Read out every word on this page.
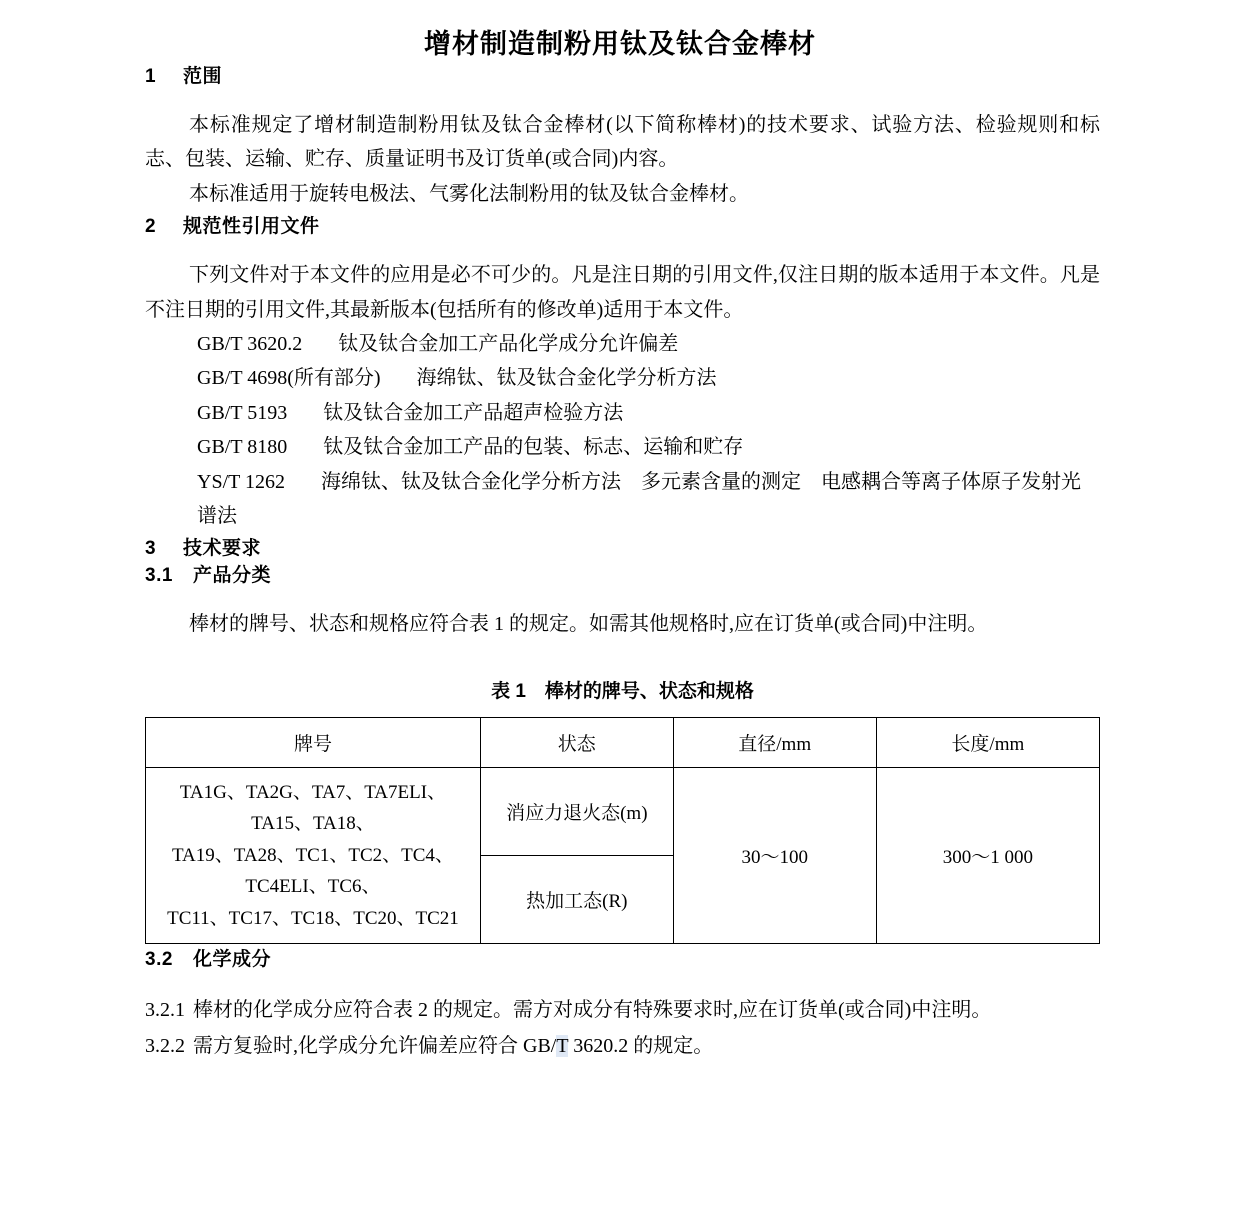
增材制造制粉用钛及钛合金棒材
1 范围

本标准规定了增材制造制粉用钛及钛合金棒材(以下简称棒材)的技术要求、试验方法、检验规则和标志、包装、运输、贮存、质量证明书及订货单(或合同)内容。

本标准适用于旋转电极法、气雾化法制粉用的钛及钛合金棒材。

2 规范性引用文件

下列文件对于本文件的应用是必不可少的。凡是注日期的引用文件,仅注日期的版本适用于本文件。凡是不注日期的引用文件,其最新版本(包括所有的修改单)适用于本文件。

GB/T 3620.2 钛及钛合金加工产品化学成分允许偏差

GB/T 4698(所有部分) 海绵钛、钛及钛合金化学分析方法

GB/T 5193 钛及钛合金加工产品超声检验方法

GB/T 8180 钛及钛合金加工产品的包装、标志、运输和贮存

YS/T 1262 海绵钛、钛及钛合金化学分析方法　多元素含量的测定　电感耦合等离子体原子发射光谱法

3 技术要求
3.1 产品分类

棒材的牌号、状态和规格应符合表 1 的规定。如需其他规格时,应在订货单(或合同)中注明。

表 1　棒材的牌号、状态和规格
牌号	状态	直径/mm	长度/mm
TA1G、TA2G、TA7、TA7ELI、TA15、TA18、
TA19、TA28、TC1、TC2、TC4、TC4ELI、TC6、
TC11、TC17、TC18、TC20、TC21	消应力退火态(m)	30～100	300～1 000
	热加工态(R)		
3.2 化学成分

3.2.1 棒材的化学成分应符合表 2 的规定。需方对成分有特殊要求时,应在订货单(或合同)中注明。

3.2.2 需方复验时,化学成分允许偏差应符合 GB/T 3620.2 的规定。
